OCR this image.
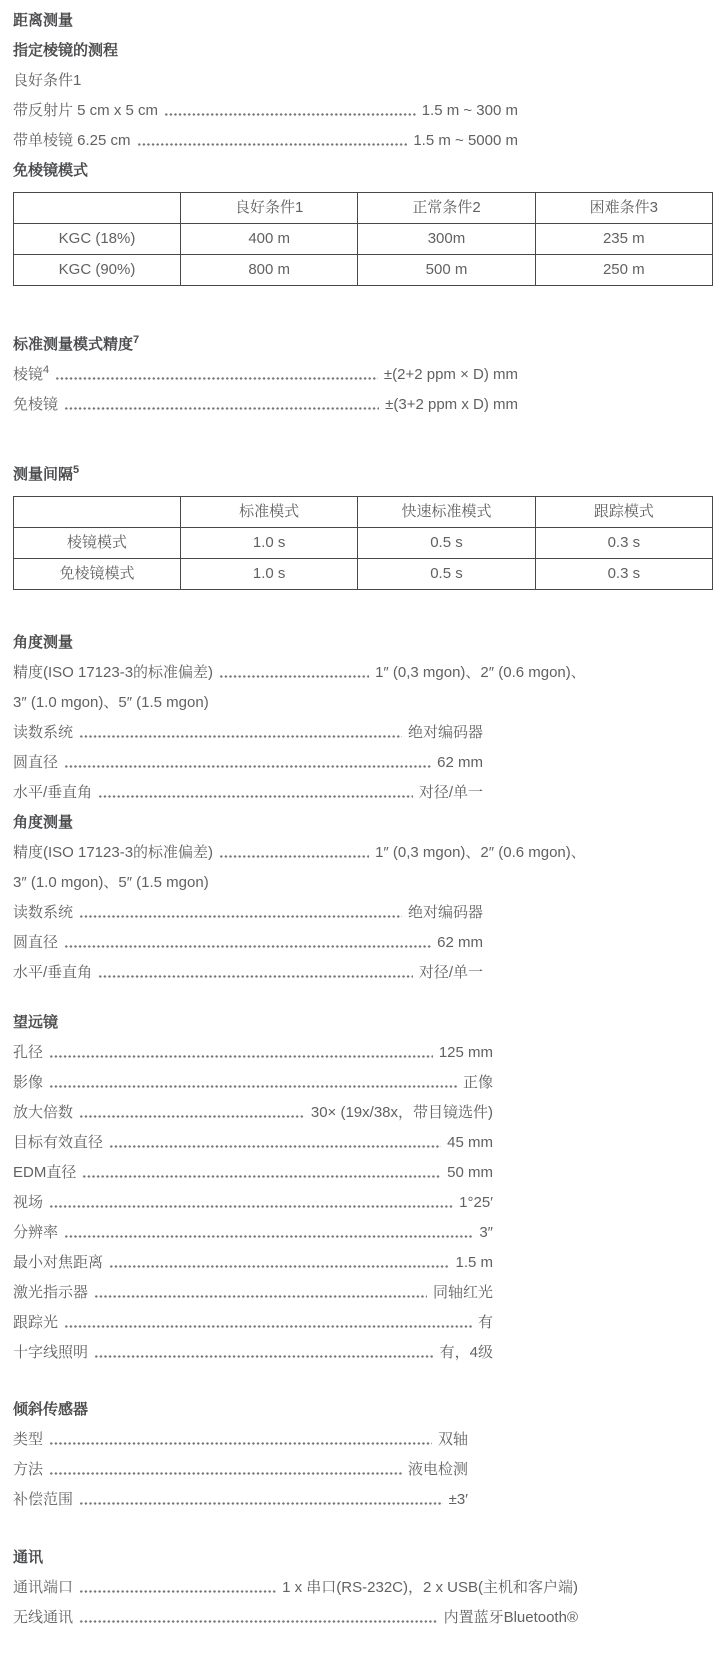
距离测量
指定棱镜的测程

良好条件1

带反射片 5 cm x 5 cm	1.5 m ~ 300 m
带单棱镜 6.25 cm	1.5 m ~ 5000 m
免棱镜模式
	良好条件1	正常条件2	困难条件3
KGC (18%)	400 m	300m	235 m
KGC (90%)	800 m	500 m	250 m
标准测量模式精度$^7$
棱镜$^4$	±(2+2 ppm × D) mm
免棱镜	±(3+2 ppm x D) mm
测量间隔$^5$
	标准模式	快速标准模式	跟踪模式
棱镜模式	1.0 s	0.5 s	0.3 s
免棱镜模式	1.0 s	0.5 s	0.3 s
角度测量
精度(ISO 17123-3的标准偏差)	1″ (0,3 mgon)、2″ (0.6 mgon)、

3″ (1.0 mgon)、5″ (1.5 mgon)

读数系统	绝对编码器
圆直径	62 mm
水平/垂直角	对径/单一
角度测量
精度(ISO 17123-3的标准偏差)	1″ (0,3 mgon)、2″ (0.6 mgon)、

3″ (1.0 mgon)、5″ (1.5 mgon)

读数系统	绝对编码器
圆直径	62 mm
水平/垂直角	对径/单一
望远镜
孔径	125 mm
影像	正像
放大倍数	30× (19x/38x，带目镜选件)
目标有效直径	45 mm
EDM直径	50 mm
视场	1°25′
分辨率	3″
最小对焦距离	1.5 m
激光指示器	同轴红光
跟踪光	有
十字线照明	有，4级
倾斜传感器
类型	双轴
方法	液电检测
补偿范围	±3′
通讯
通讯端口	1 x 串口(RS-232C)，2 x USB(主机和客户端)
无线通讯	内置蓝牙Bluetooth®
